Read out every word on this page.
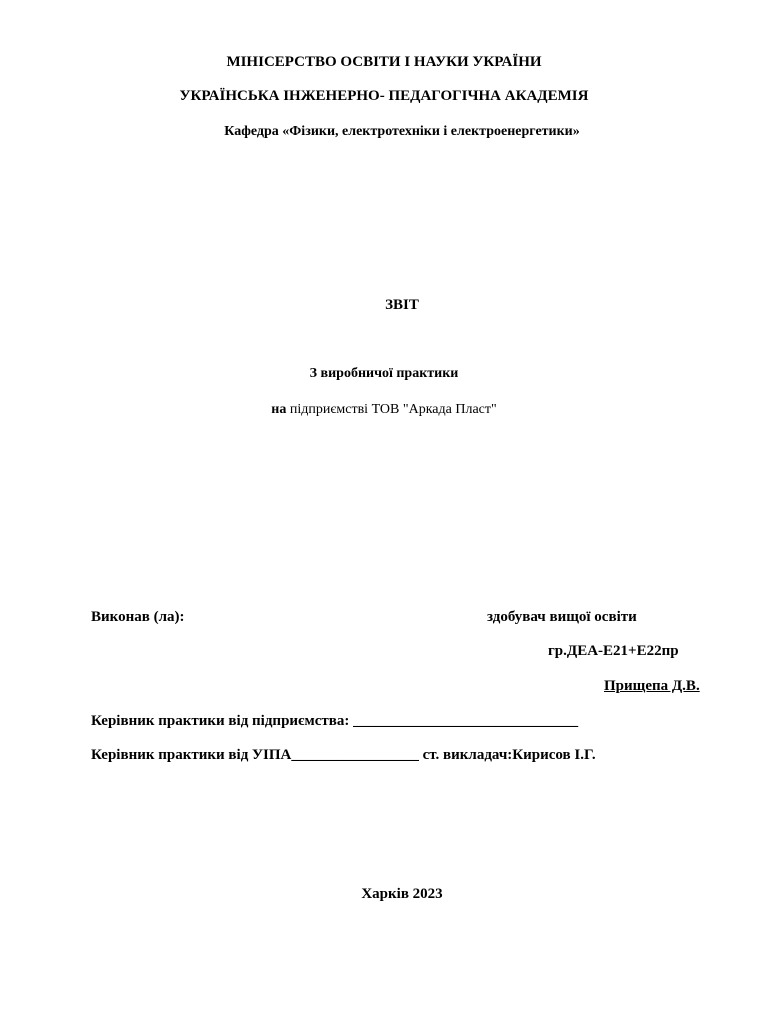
МІНІСЕРСТВО ОСВІТИ І НАУКИ УКРАЇНИ
УКРАЇНСЬКА ІНЖЕНЕРНО- ПЕДАГОГІЧНА АКАДЕМІЯ
Кафедра «Фізики, електротехніки і електроенергетики»
ЗВІТ
З виробничої практики
на підприємстві ТОВ "Аркада Пласт"
Виконав (ла):	здобувач вищої освіти
гр.ДЕА-Е21+Е22пр
Прищепа Д.В.
Керівник практики від підприємства: ______________________________
Керівник практики від УІПА_________________ ст. викладач:Кирисов І.Г.
Харків 2023
